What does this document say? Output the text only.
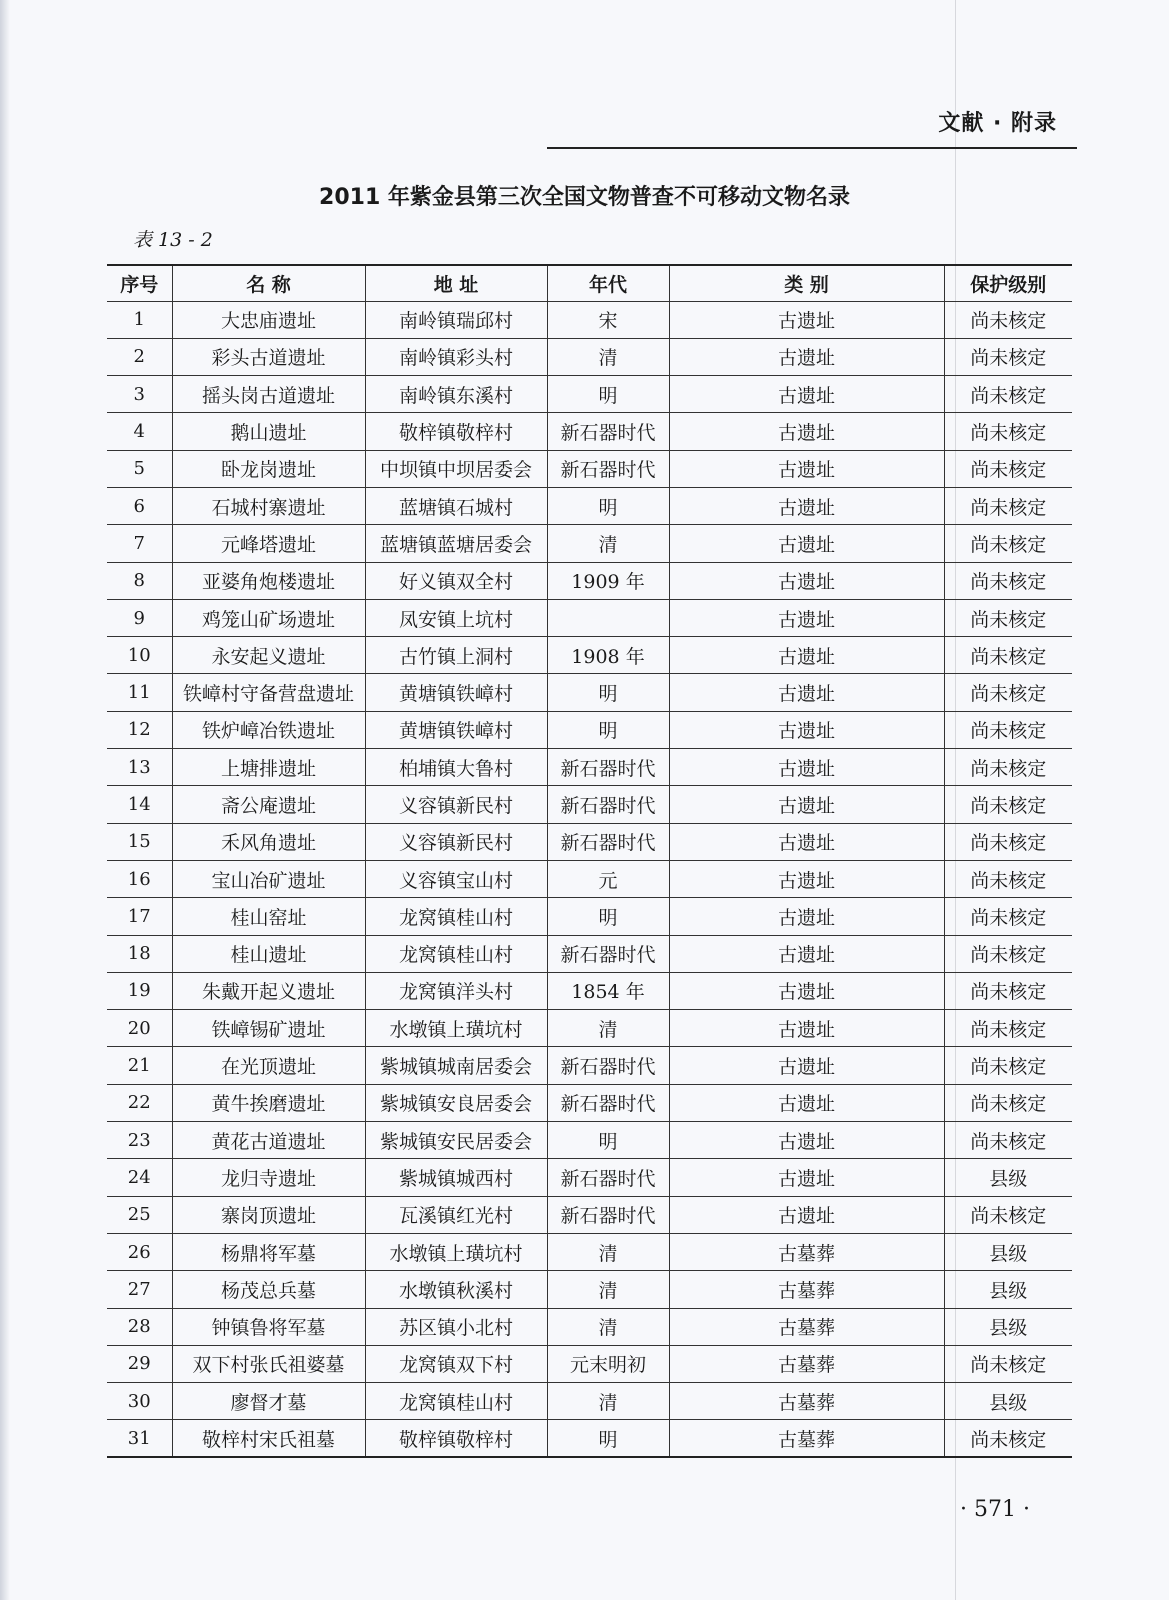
文献 · 附录
2011 年紫金县第三次全国文物普查不可移动文物名录
表 13 - 2
序号	名 称	地 址	年代	类 别	保护级别
1	大忠庙遗址	南岭镇瑞邱村	宋	古遗址	尚未核定
2	彩头古道遗址	南岭镇彩头村	清	古遗址	尚未核定
3	摇头岗古道遗址	南岭镇东溪村	明	古遗址	尚未核定
4	鹅山遗址	敬梓镇敬梓村	新石器时代	古遗址	尚未核定
5	卧龙岗遗址	中坝镇中坝居委会	新石器时代	古遗址	尚未核定
6	石城村寨遗址	蓝塘镇石城村	明	古遗址	尚未核定
7	元峰塔遗址	蓝塘镇蓝塘居委会	清	古遗址	尚未核定
8	亚婆角炮楼遗址	好义镇双全村	1909 年	古遗址	尚未核定
9	鸡笼山矿场遗址	凤安镇上坑村		古遗址	尚未核定
10	永安起义遗址	古竹镇上洞村	1908 年	古遗址	尚未核定
11	铁嶂村守备营盘遗址	黄塘镇铁嶂村	明	古遗址	尚未核定
12	铁炉嶂冶铁遗址	黄塘镇铁嶂村	明	古遗址	尚未核定
13	上塘排遗址	柏埔镇大鲁村	新石器时代	古遗址	尚未核定
14	斋公庵遗址	义容镇新民村	新石器时代	古遗址	尚未核定
15	禾风角遗址	义容镇新民村	新石器时代	古遗址	尚未核定
16	宝山冶矿遗址	义容镇宝山村	元	古遗址	尚未核定
17	桂山窑址	龙窝镇桂山村	明	古遗址	尚未核定
18	桂山遗址	龙窝镇桂山村	新石器时代	古遗址	尚未核定
19	朱戴开起义遗址	龙窝镇洋头村	1854 年	古遗址	尚未核定
20	铁嶂锡矿遗址	水墩镇上璜坑村	清	古遗址	尚未核定
21	在光顶遗址	紫城镇城南居委会	新石器时代	古遗址	尚未核定
22	黄牛挨磨遗址	紫城镇安良居委会	新石器时代	古遗址	尚未核定
23	黄花古道遗址	紫城镇安民居委会	明	古遗址	尚未核定
24	龙归寺遗址	紫城镇城西村	新石器时代	古遗址	县级
25	寨岗顶遗址	瓦溪镇红光村	新石器时代	古遗址	尚未核定
26	杨鼎将军墓	水墩镇上璜坑村	清	古墓葬	县级
27	杨茂总兵墓	水墩镇秋溪村	清	古墓葬	县级
28	钟镇鲁将军墓	苏区镇小北村	清	古墓葬	县级
29	双下村张氏祖婆墓	龙窝镇双下村	元末明初	古墓葬	尚未核定
30	廖督才墓	龙窝镇桂山村	清	古墓葬	县级
31	敬梓村宋氏祖墓	敬梓镇敬梓村	明	古墓葬	尚未核定
· 571 ·
